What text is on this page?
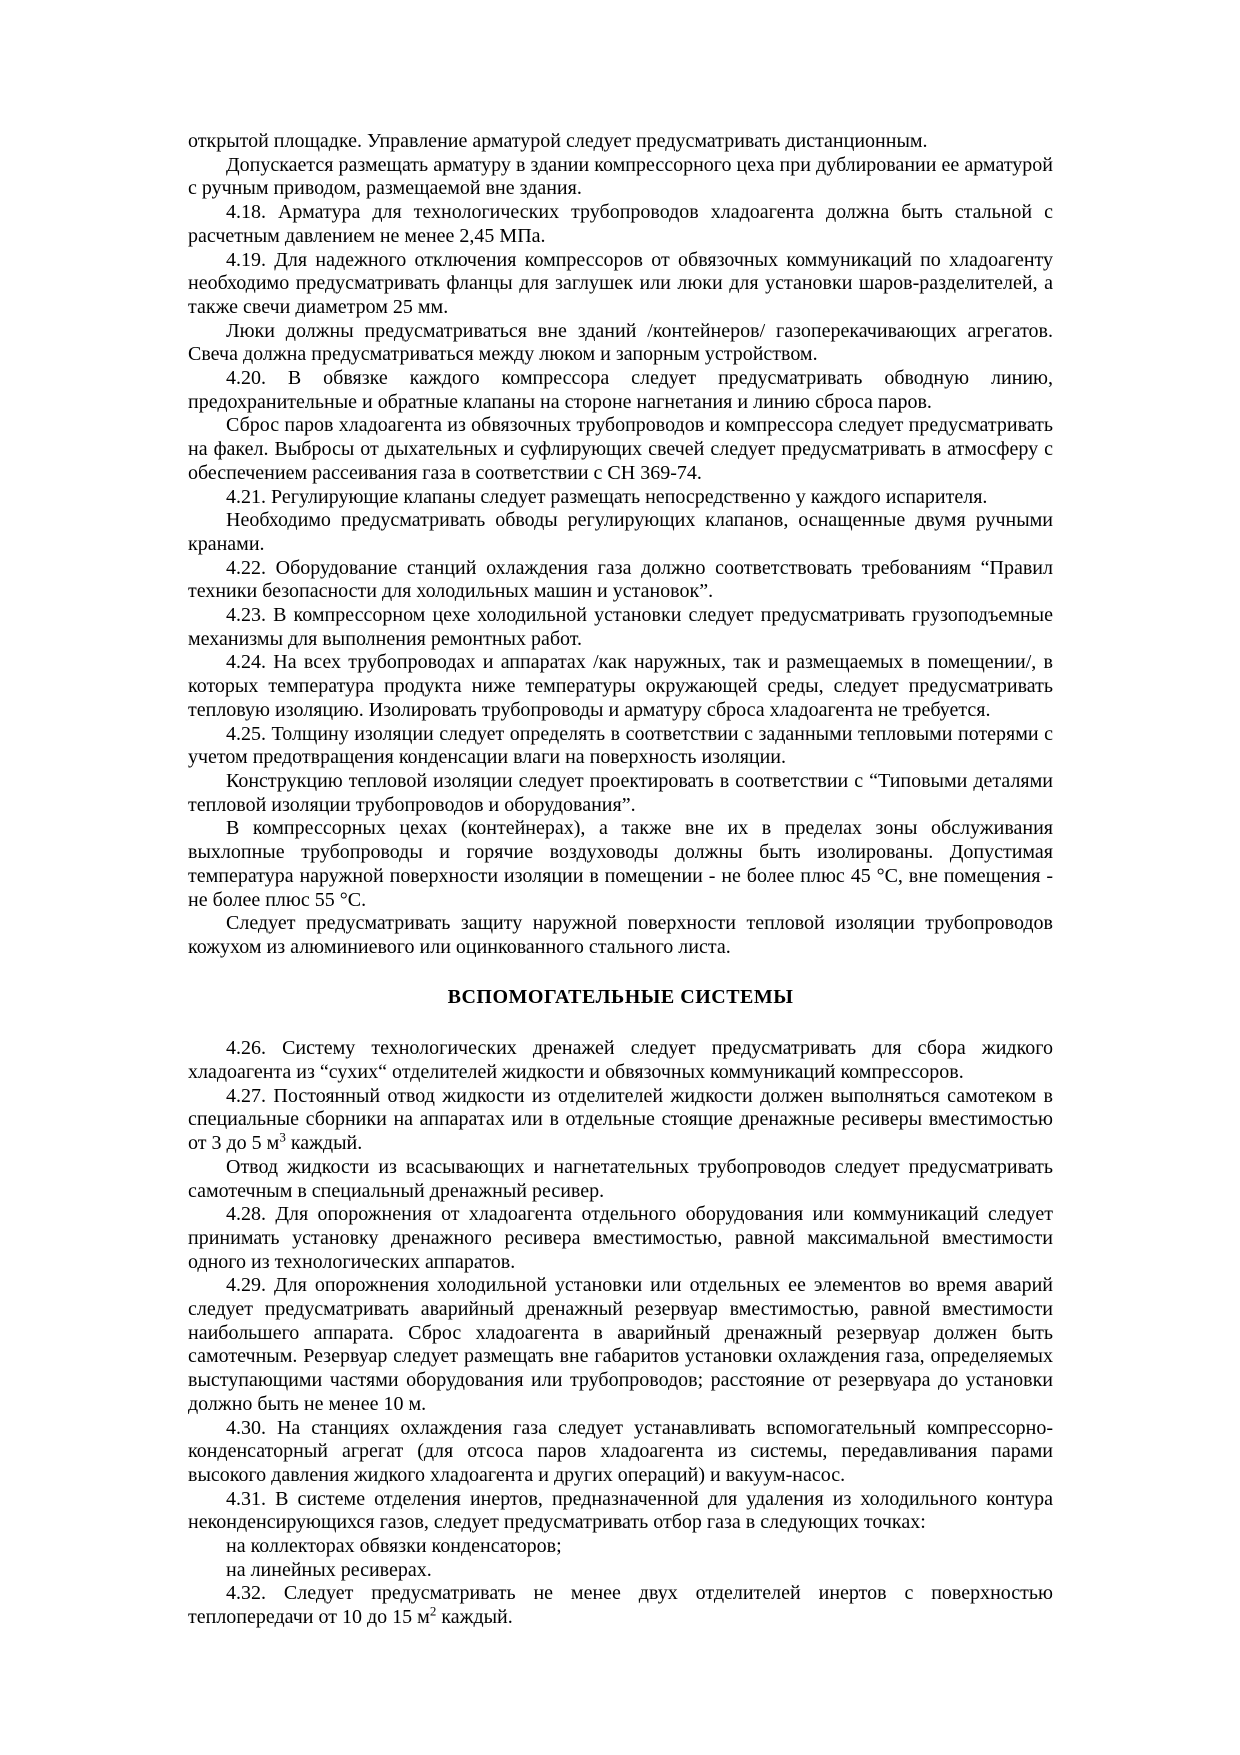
открытой площадке. Управление арматурой следует предусматривать дистанционным.

Допускается размещать арматуру в здании компрессорного цеха при дублировании ее арматурой с ручным приводом, размещаемой вне здания.

4.18. Арматура для технологических трубопроводов хладоагента должна быть стальной с расчетным давлением не менее 2,45 МПа.

4.19. Для надежного отключения компрессоров от обвязочных коммуникаций по хладоагенту необходимо предусматривать фланцы для заглушек или люки для установки шаров-разделителей, а также свечи диаметром 25 мм.

Люки должны предусматриваться вне зданий /контейнеров/ газоперекачивающих агрегатов. Свеча должна предусматриваться между люком и запорным устройством.

4.20. В обвязке каждого компрессора следует предусматривать обводную линию, предохранительные и обратные клапаны на стороне нагнетания и линию сброса паров.

Сброс паров хладоагента из обвязочных трубопроводов и компрессора следует предусматривать на факел. Выбросы от дыхательных и суфлирующих свечей следует предусматривать в атмосферу с обеспечением рассеивания газа в соответствии с СН 369-74.

4.21. Регулирующие клапаны следует размещать непосредственно у каждого испарителя.

Необходимо предусматривать обводы регулирующих клапанов, оснащенные двумя ручными кранами.

4.22. Оборудование станций охлаждения газа должно соответствовать требованиям “Правил техники безопасности для холодильных машин и установок”.

4.23. В компрессорном цехе холодильной установки следует предусматривать грузоподъемные механизмы для выполнения ремонтных работ.

4.24. На всех трубопроводах и аппаратах /как наружных, так и размещаемых в помещении/, в которых температура продукта ниже температуры окружающей среды, следует предусматривать тепловую изоляцию. Изолировать трубопроводы и арматуру сброса хладоагента не требуется.

4.25. Толщину изоляции следует определять в соответствии с заданными тепловыми потерями с учетом предотвращения конденсации влаги на поверхность изоляции.

Конструкцию тепловой изоляции следует проектировать в соответствии с “Типовыми деталями тепловой изоляции трубопроводов и оборудования”.

В компрессорных цехах (контейнерах), а также вне их в пределах зоны обслуживания выхлопные трубопроводы и горячие воздуховоды должны быть изолированы. Допустимая температура наружной поверхности изоляции в помещении - не более плюс 45 °С, вне помещения - не более плюс 55 °С.

Следует предусматривать защиту наружной поверхности тепловой изоляции трубопроводов кожухом из алюминиевого или оцинкованного стального листа.

ВСПОМОГАТЕЛЬНЫЕ СИСТЕМЫ

4.26. Систему технологических дренажей следует предусматривать для сбора жидкого хладоагента из “сухих“ отделителей жидкости и обвязочных коммуникаций компрессоров.

4.27. Постоянный отвод жидкости из отделителей жидкости должен выполняться самотеком в специальные сборники на аппаратах или в отдельные стоящие дренажные ресиверы вместимостью от 3 до 5 $м^3$ каждый.

Отвод жидкости из всасывающих и нагнетательных трубопроводов следует предусматривать самотечным в специальный дренажный ресивер.

4.28. Для опорожнения от хладоагента отдельного оборудования или коммуникаций следует принимать установку дренажного ресивера вместимостью, равной максимальной вместимости одного из технологических аппаратов.

4.29. Для опорожнения холодильной установки или отдельных ее элементов во время аварий следует предусматривать аварийный дренажный резервуар вместимостью, равной вместимости наибольшего аппарата. Сброс хладоагента в аварийный дренажный резервуар должен быть самотечным. Резервуар следует размещать вне габаритов установки охлаждения газа, определяемых выступающими частями оборудования или трубопроводов; расстояние от резервуара до установки должно быть не менее 10 м.

4.30. На станциях охлаждения газа следует устанавливать вспомогательный компрессорно-конденсаторный агрегат (для отсоса паров хладоагента из системы, передавливания парами высокого давления жидкого хладоагента и других операций) и вакуум-насос.

4.31. В системе отделения инертов, предназначенной для удаления из холодильного контура неконденсирующихся газов, следует предусматривать отбор газа в следующих точках:

на коллекторах обвязки конденсаторов;

на линейных ресиверах.

4.32. Следует предусматривать не менее двух отделителей инертов с поверхностью теплопередачи от 10 до 15 $м^2$ каждый.
